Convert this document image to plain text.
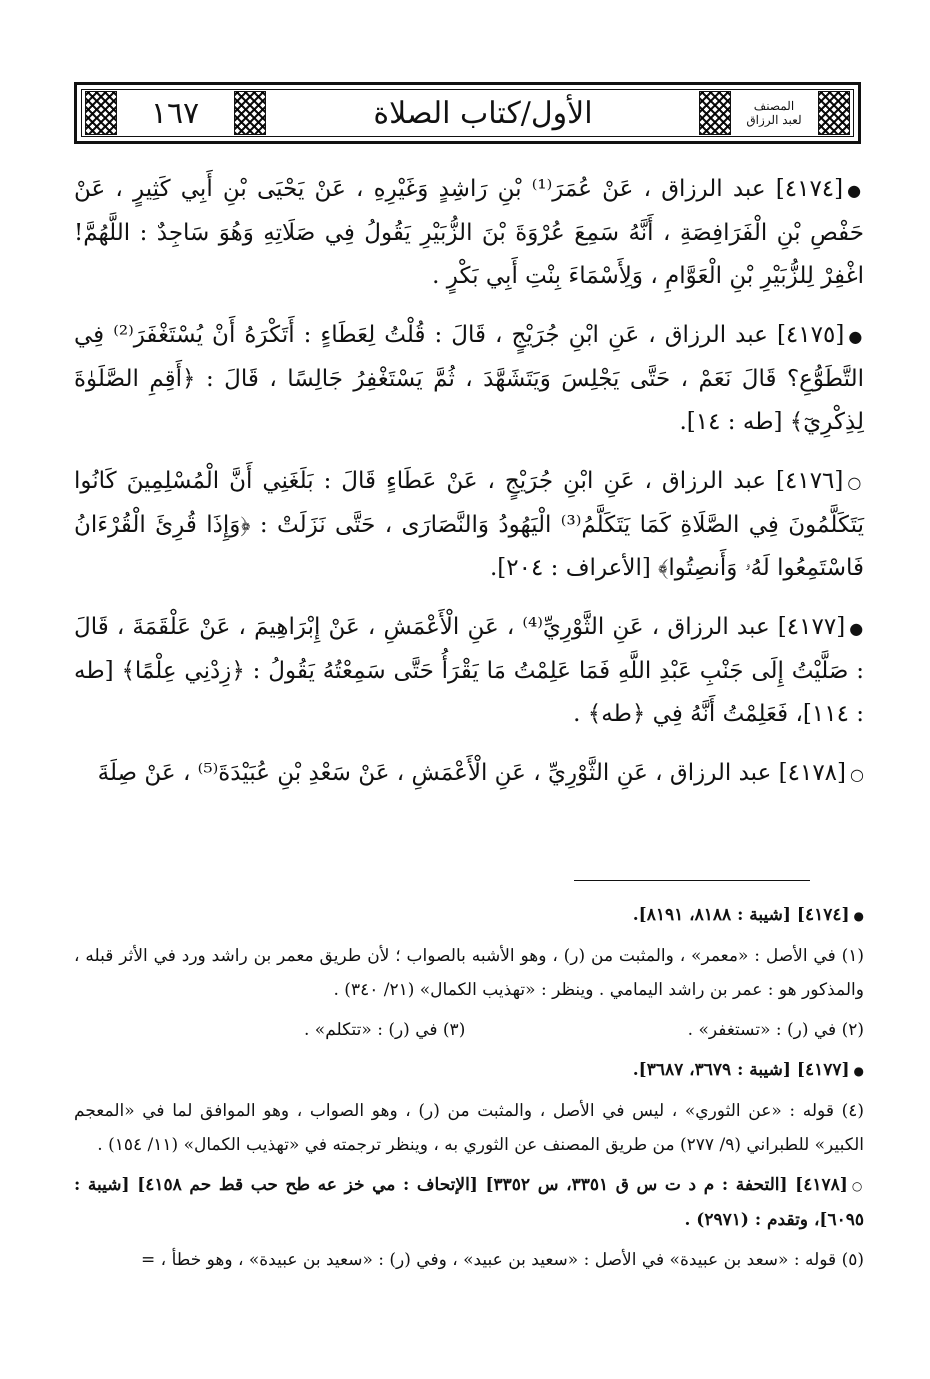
١٦٧	الأول/كتاب الصلاة	المصنف
لعبد الرزاق

●[٤١٧٤] عبد الرزاق ، عَنْ عُمَرَ⁽¹⁾ بْنِ رَاشِدٍ وَغَيْرِهِ ، عَنْ يَحْيَى بْنِ أَبِي كَثِيرٍ ، عَنْ حَفْصِ بْنِ الْفَرَافِصَةِ ، أَنَّهُ سَمِعَ عُرْوَةَ بْنَ الزُّبَيْرِ يَقُولُ فِي صَلَاتِهِ وَهُوَ سَاجِدٌ : اللَّهُمَّ! اغْفِرْ لِلزُّبَيْرِ بْنِ الْعَوَّامِ ، وَلِأَسْمَاءَ بِنْتِ أَبِي بَكْرٍ .

●[٤١٧٥] عبد الرزاق ، عَنِ ابْنِ جُرَيْجٍ ، قَالَ : قُلْتُ لِعَطَاءٍ : أَتَكْرَهُ أَنْ يُسْتَغْفَرَ⁽²⁾ فِي التَّطَوُّعِ؟ قَالَ نَعَمْ ، حَتَّى يَجْلِسَ وَيَتَشَهَّدَ ، ثُمَّ يَسْتَغْفِرُ جَالِسًا ، قَالَ : ﴿أَقِمِ الصَّلَوٰةَ لِذِكْرِيٓ﴾ [طه : ١٤].

○[٤١٧٦] عبد الرزاق ، عَنِ ابْنِ جُرَيْجٍ ، عَنْ عَطَاءٍ قَالَ : بَلَغَنِي أَنَّ الْمُسْلِمِينَ كَانُوا يَتَكَلَّمُونَ فِي الصَّلَاةِ كَمَا يَتَكَلَّمُ⁽³⁾ الْيَهُودُ وَالنَّصَارَى ، حَتَّى نَزَلَتْ : ﴿وَإِذَا قُرِئَ الْقُرْءَانُ فَاسْتَمِعُوا لَهُۥ وَأَنصِتُوا﴾ [الأعراف : ٢٠٤].

●[٤١٧٧] عبد الرزاق ، عَنِ الثَّوْرِيِّ⁽⁴⁾ ، عَنِ الْأَعْمَشِ ، عَنْ إِبْرَاهِيمَ ، عَنْ عَلْقَمَةَ ، قَالَ : صَلَّيْتُ إِلَى جَنْبِ عَبْدِ اللَّهِ فَمَا عَلِمْتُ مَا يَقْرَأُ حَتَّى سَمِعْتُهُ يَقُولُ : ﴿زِدْنِي عِلْمًا﴾ [طه : ١١٤]، فَعَلِمْتُ أَنَّهُ فِي ﴿طه﴾ .

○[٤١٧٨] عبد الرزاق ، عَنِ الثَّوْرِيِّ ، عَنِ الْأَعْمَشِ ، عَنْ سَعْدِ بْنِ عُبَيْدَةَ⁽⁵⁾ ، عَنْ صِلَةَ

●[٤١٧٤] [شيبة : ٨١٨٨، ٨١٩١].

(١) في الأصل : «معمر» ، والمثبت من (ر) ، وهو الأشبه بالصواب ؛ لأن طريق معمر بن راشد ورد في الأثر قبله ، والمذكور هو : عمر بن راشد اليمامي . وينظر : «تهذيب الكمال» (٢١/ ٣٤٠) .

(٢) في (ر) : «تستغفر» .
(٣) في (ر) : «تتكلم» .

●[٤١٧٧] [شيبة : ٣٦٧٩، ٣٦٨٧].

(٤) قوله : «عن الثوري» ، ليس في الأصل ، والمثبت من (ر) ، وهو الصواب ، وهو الموافق لما في «المعجم الكبير» للطبراني (٩/ ٢٧٧) من طريق المصنف عن الثوري به ، وينظر ترجمته في «تهذيب الكمال» (١١/ ١٥٤) .

○[٤١٧٨] [التحفة : م د ت س ق ٣٣٥١، س ٣٣٥٢] [الإتحاف : مي خز عه طح حب قط حم ٤١٥٨] [شيبة : ٦٠٩٥]، وتقدم : (٢٩٧١) .

(٥) قوله : «سعد بن عبيدة» في الأصل : «سعيد بن عبيد» ، وفي (ر) : «سعيد بن عبيدة» ، وهو خطأ ، =
